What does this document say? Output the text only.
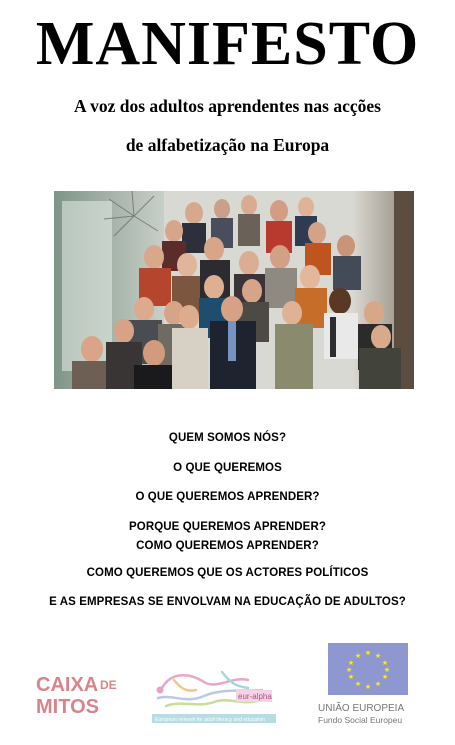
MANIFESTO
A voz dos adultos aprendentes nas acções
de alfabetização na Europa
QUEM SOMOS NÓS?
O QUE QUEREMOS
O QUE QUEREMOS APRENDER?
PORQUE QUEREMOS APRENDER?
COMO QUEREMOS APRENDER?
COMO QUEREMOS QUE OS ACTORES POLÍTICOS
E AS EMPRESAS SE ENVOLVAM NA EDUCAÇÃO DE ADULTOS?
CAIXA DE
MITOS	eur-alpha
European network for adult literacy and education
★ ★
★
★
★
★
★
★
★
★
★
★
UNIÃO EUROPEIA
Fundo Social Europeu
